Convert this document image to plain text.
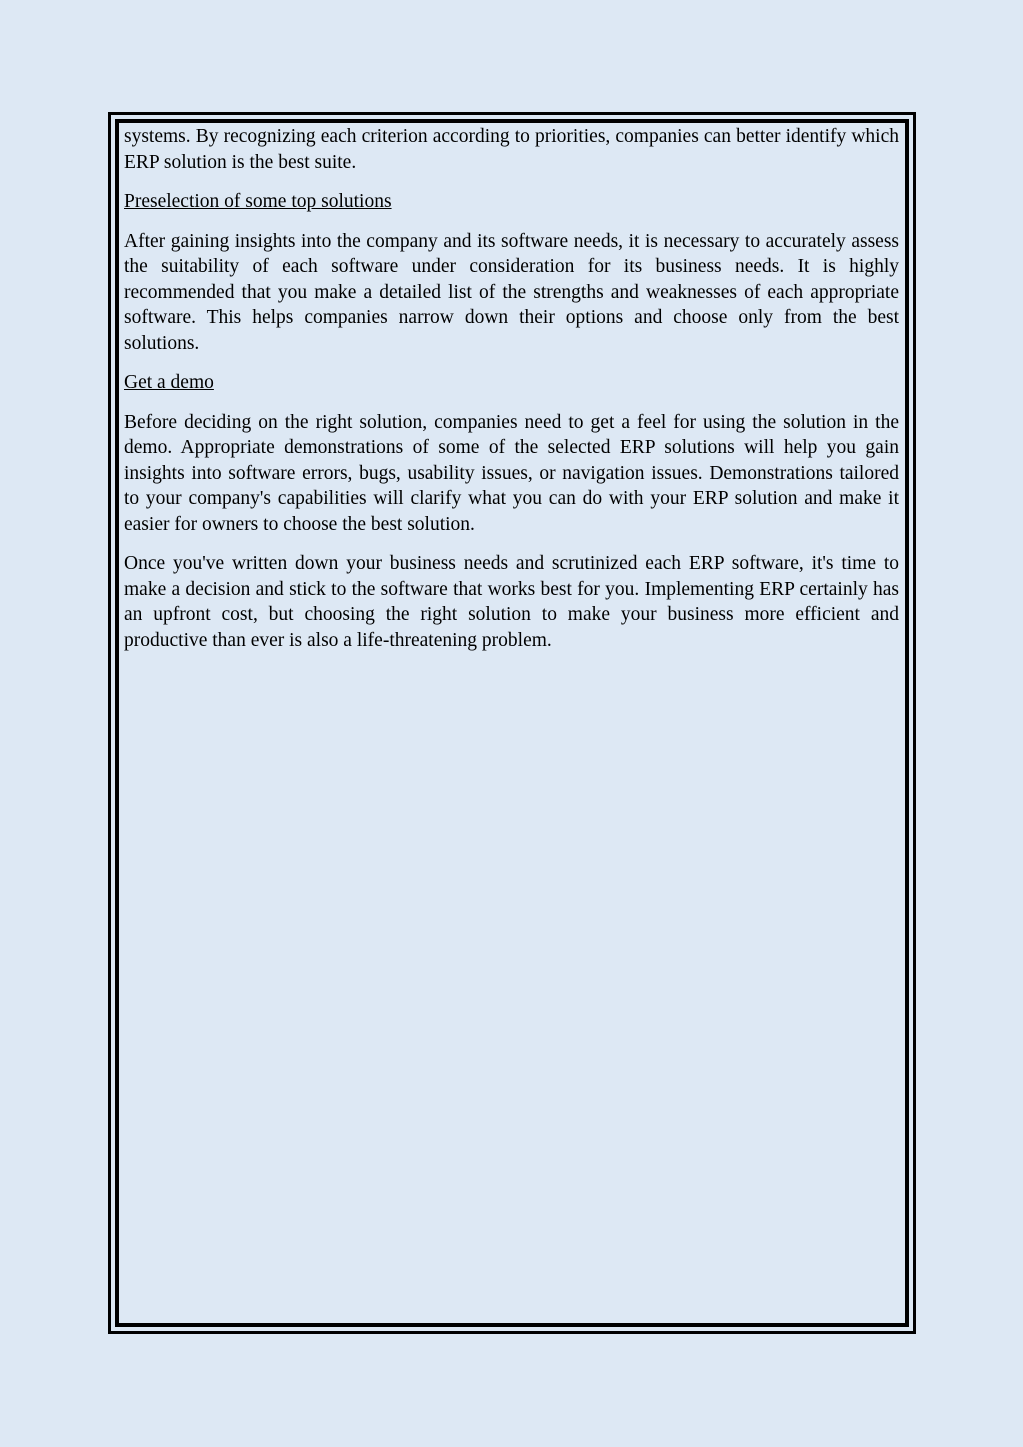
systems. By recognizing each criterion according to priorities, companies can better identify which ERP solution is the best suite.

Preselection of some top solutions

After gaining insights into the company and its software needs, it is necessary to accurately assess the suitability of each software under consideration for its business needs. It is highly recommended that you make a detailed list of the strengths and weaknesses of each appropriate software. This helps companies narrow down their options and choose only from the best solutions.

Get a demo

Before deciding on the right solution, companies need to get a feel for using the solution in the demo. Appropriate demonstrations of some of the selected ERP solutions will help you gain insights into software errors, bugs, usability issues, or navigation issues. Demonstrations tailored to your company's capabilities will clarify what you can do with your ERP solution and make it easier for owners to choose the best solution.

Once you've written down your business needs and scrutinized each ERP software, it's time to make a decision and stick to the software that works best for you. Implementing ERP certainly has an upfront cost, but choosing the right solution to make your business more efficient and productive than ever is also a life-threatening problem.
